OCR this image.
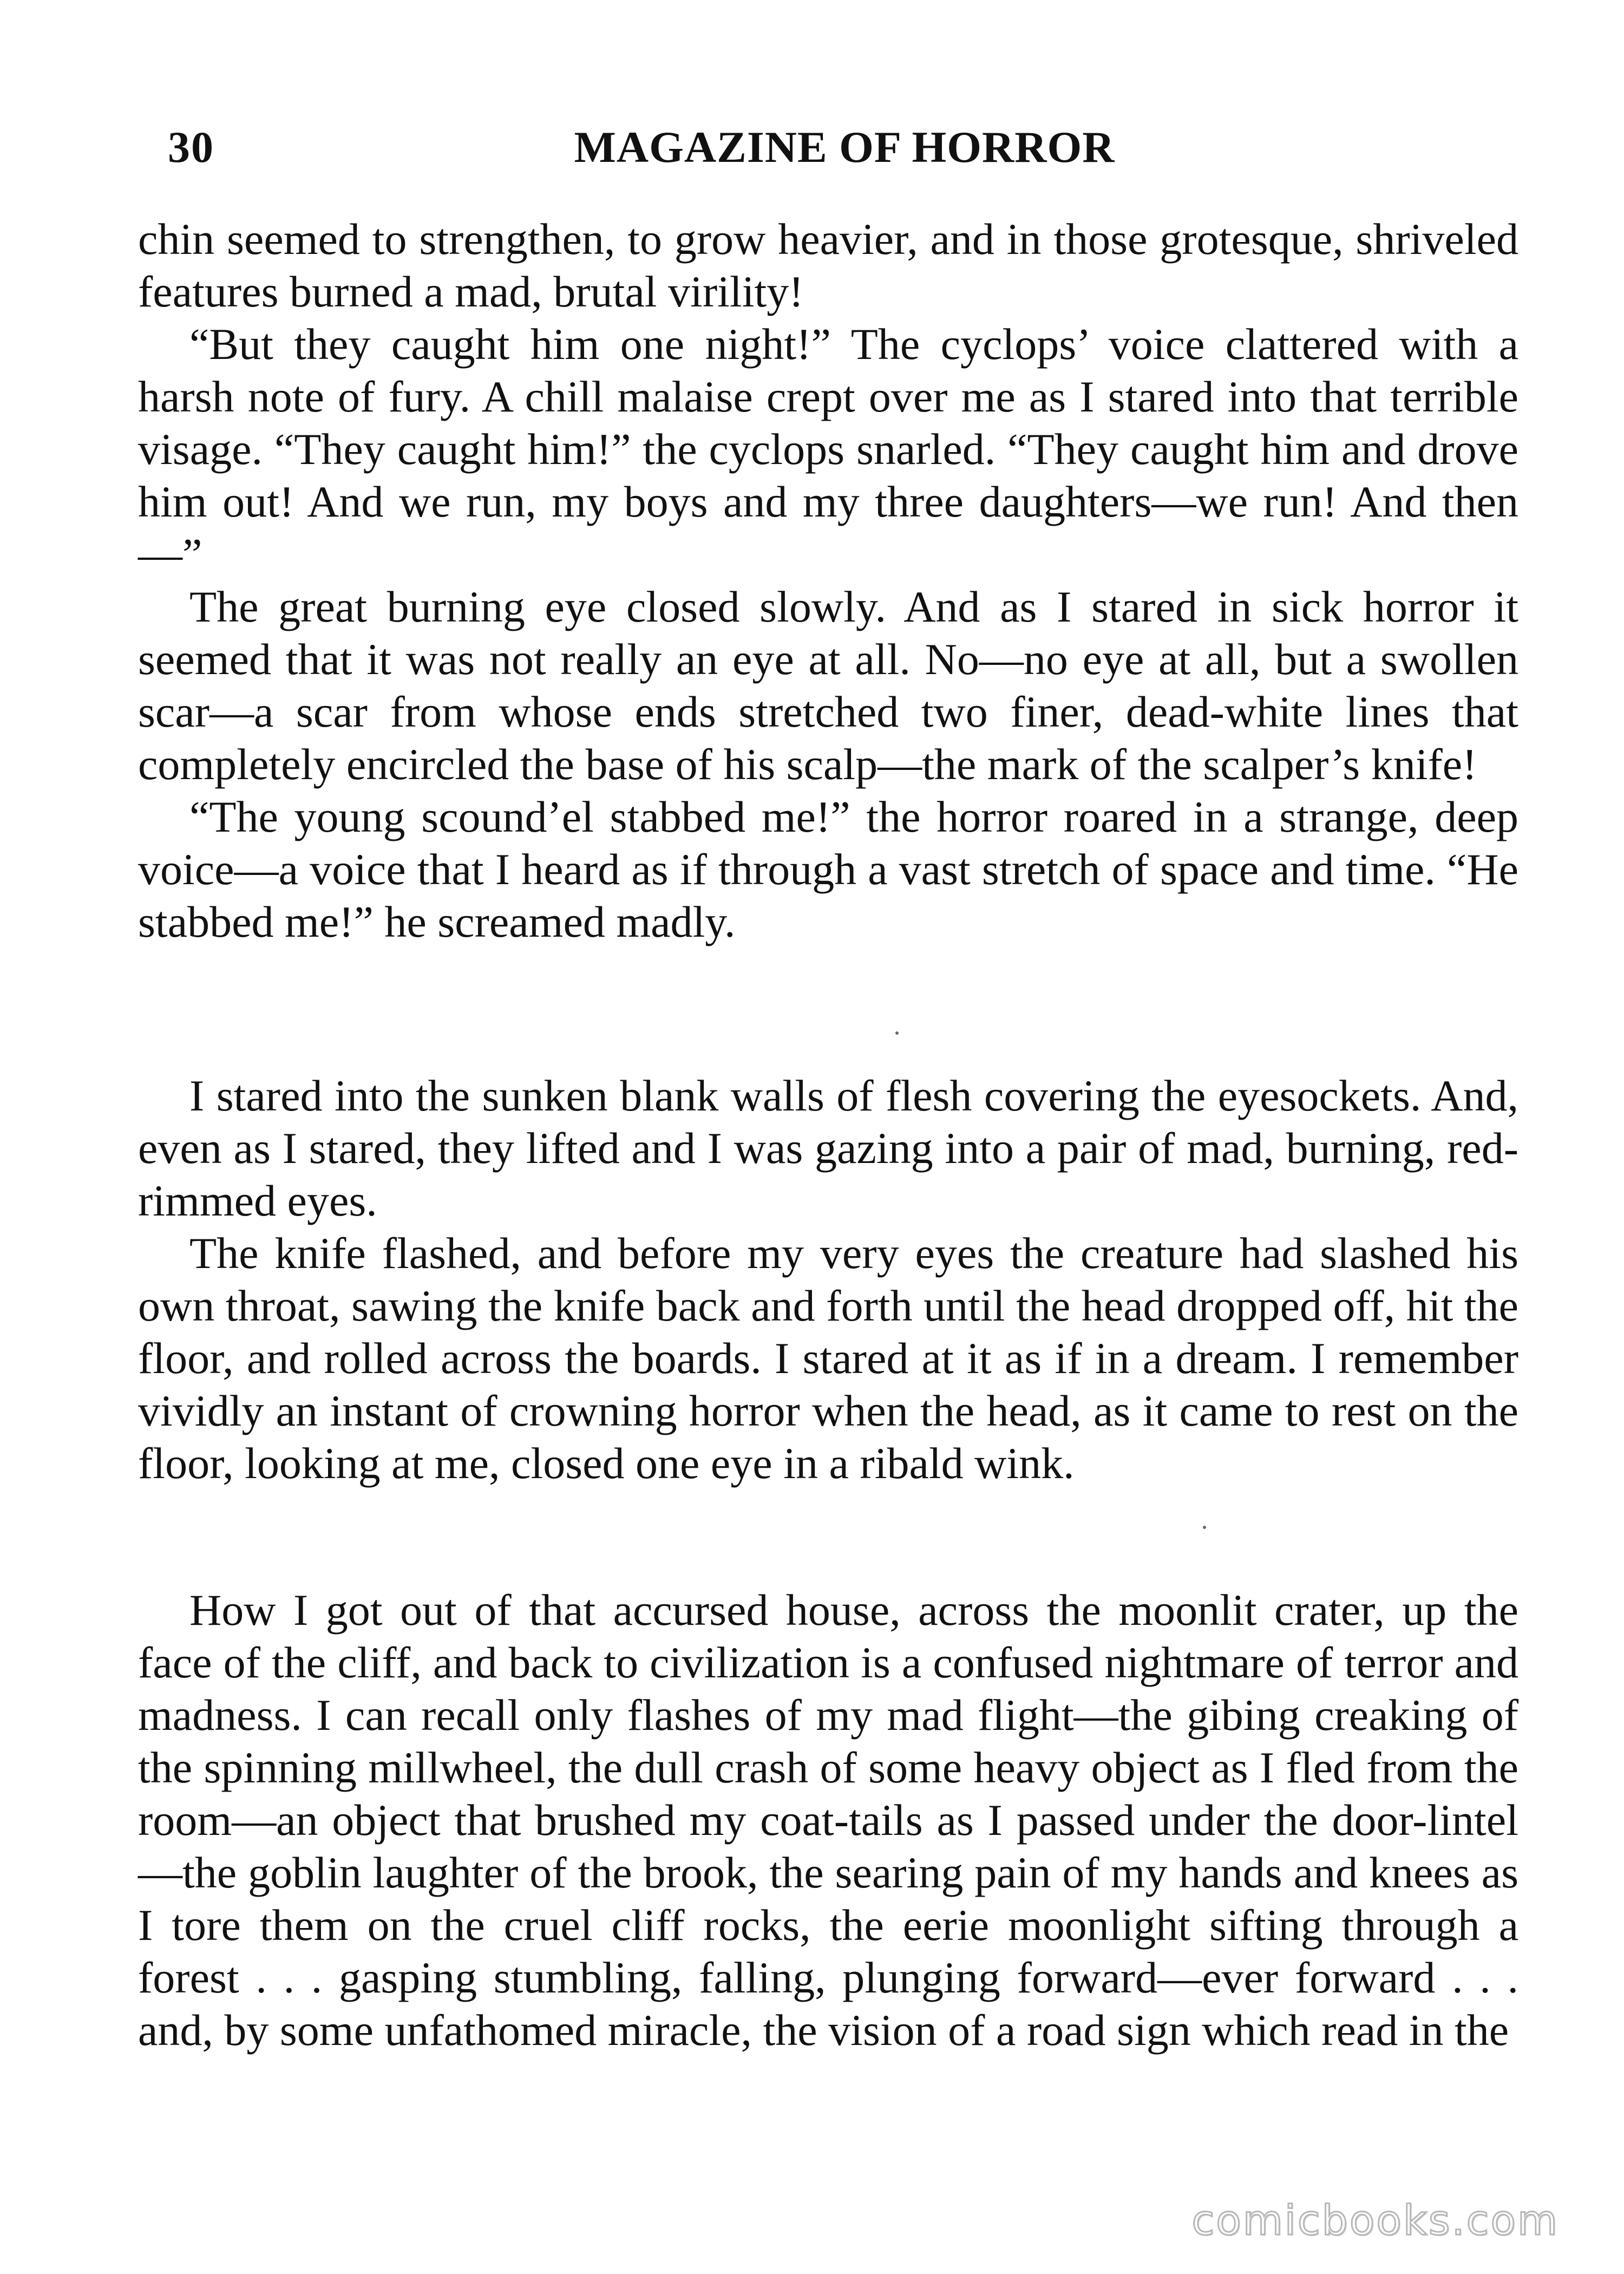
30	MAGAZINE OF HORROR

chin seemed to strengthen, to grow heavier, and in those grotesque, shriveled features burned a mad, brutal virility!

“But they caught him one night!” The cyclops’ voice clattered with a harsh note of fury. A chill malaise crept over me as I stared into that terrible visage. “They caught him!” the cyclops snarled. “They caught him and drove him out! And we run, my boys and my three daughters—we run! And then—”

The great burning eye closed slowly. And as I stared in sick horror it seemed that it was not really an eye at all. No—no eye at all, but a swollen scar—a scar from whose ends stretched two finer, dead-white lines that completely encircled the base of his scalp—the mark of the scalper’s knife!

“The young scound’el stabbed me!” the horror roared in a strange, deep voice—a voice that I heard as if through a vast stretch of space and time. “He stabbed me!” he screamed madly.

I stared into the sunken blank walls of flesh covering the eyesockets. And, even as I stared, they lifted and I was gazing into a pair of mad, burning, red-rimmed eyes.

The knife flashed, and before my very eyes the creature had slashed his own throat, sawing the knife back and forth until the head dropped off, hit the floor, and rolled across the boards. I stared at it as if in a dream. I remember vividly an instant of crowning horror when the head, as it came to rest on the floor, looking at me, closed one eye in a ribald wink.

How I got out of that accursed house, across the moonlit crater, up the face of the cliff, and back to civilization is a confused nightmare of terror and madness. I can recall only flashes of my mad flight—the gibing creaking of the spinning millwheel, the dull crash of some heavy object as I fled from the room—an object that brushed my coat-tails as I passed under the door-lintel—the goblin laughter of the brook, the searing pain of my hands and knees as I tore them on the cruel cliff rocks, the eerie moonlight sifting through a forest . . . gasping stumbling, falling, plunging forward—ever forward . . . and, by some unfathomed miracle, the vision of a road sign which read in the

comicbooks.com
